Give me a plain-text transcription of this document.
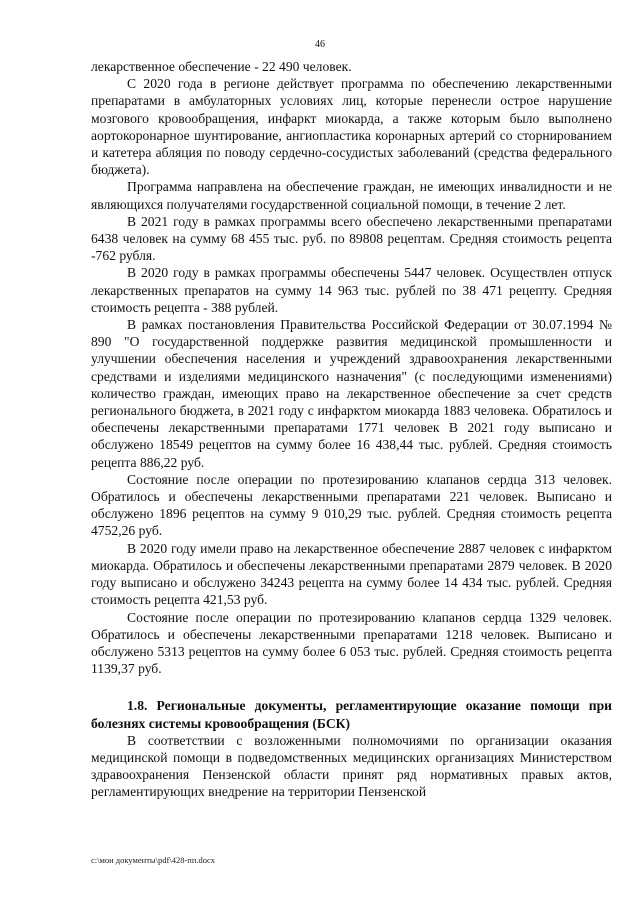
46

лекарственное обеспечение - 22 490 человек.

С 2020 года в регионе действует программа по обеспечению лекарственными препаратами в амбулаторных условиях лиц, которые перенесли острое нарушение мозгового кровообращения, инфаркт миокарда, а также которым было выполнено аортокоронарное шунтирование, ангиопластика коронарных артерий со сторнированием и катетера абляция по поводу сердечно-сосудистых заболеваний (средства федерального бюджета).

Программа направлена на обеспечение граждан, не имеющих инвалидности и не являющихся получателями государственной социальной помощи, в течение 2 лет.

В 2021 году в рамках программы всего обеспечено лекарственными препаратами 6438 человек на сумму 68 455 тыс. руб. по 89808 рецептам. Средняя стоимость рецепта -762 рубля.

В 2020 году в рамках программы обеспечены 5447 человек. Осуществлен отпуск лекарственных препаратов на сумму 14 963 тыс. рублей по 38 471 рецепту. Средняя стоимость рецепта - 388 рублей.

В рамках постановления Правительства Российской Федерации от 30.07.1994 № 890 "О государственной поддержке развития медицинской промышленности и улучшении обеспечения населения и учреждений здравоохранения лекарственными средствами и изделиями медицинского назначения" (с последующими изменениями) количество граждан, имеющих право на лекарственное обеспечение за счет средств регионального бюджета, в 2021 году с инфарктом миокарда 1883 человека. Обратилось и обеспечены лекарственными препаратами 1771 человек В 2021 году выписано и обслужено 18549 рецептов на сумму более 16 438,44 тыс. рублей. Средняя стоимость рецепта 886,22 руб.

Состояние после операции по протезированию клапанов сердца 313 человек. Обратилось и обеспечены лекарственными препаратами 221 человек. Выписано и обслужено 1896 рецептов на сумму 9 010,29 тыс. рублей. Средняя стоимость рецепта 4752,26 руб.

В 2020 году имели право на лекарственное обеспечение 2887 человек с инфарктом миокарда. Обратилось и обеспечены лекарственными препаратами 2879 человек. В 2020 году выписано и обслужено 34243 рецепта на сумму более 14 434 тыс. рублей. Средняя стоимость рецепта 421,53 руб.

Состояние после операции по протезированию клапанов сердца 1329 человек. Обратилось и обеспечены лекарственными препаратами 1218 человек. Выписано и обслужено 5313 рецептов на сумму более 6 053 тыс. рублей. Средняя стоимость рецепта 1139,37 руб.

1.8. Региональные документы, регламентирующие оказание помощи при болезнях системы кровообращения (БСК)

В соответствии с возложенными полномочиями по организации оказания медицинской помощи в подведомственных медицинских организациях Министерством здравоохранения Пензенской области принят ряд нормативных правых актов, регламентирующих внедрение на территории Пензенской

c:\мои документы\pdf\428-пп.docx
